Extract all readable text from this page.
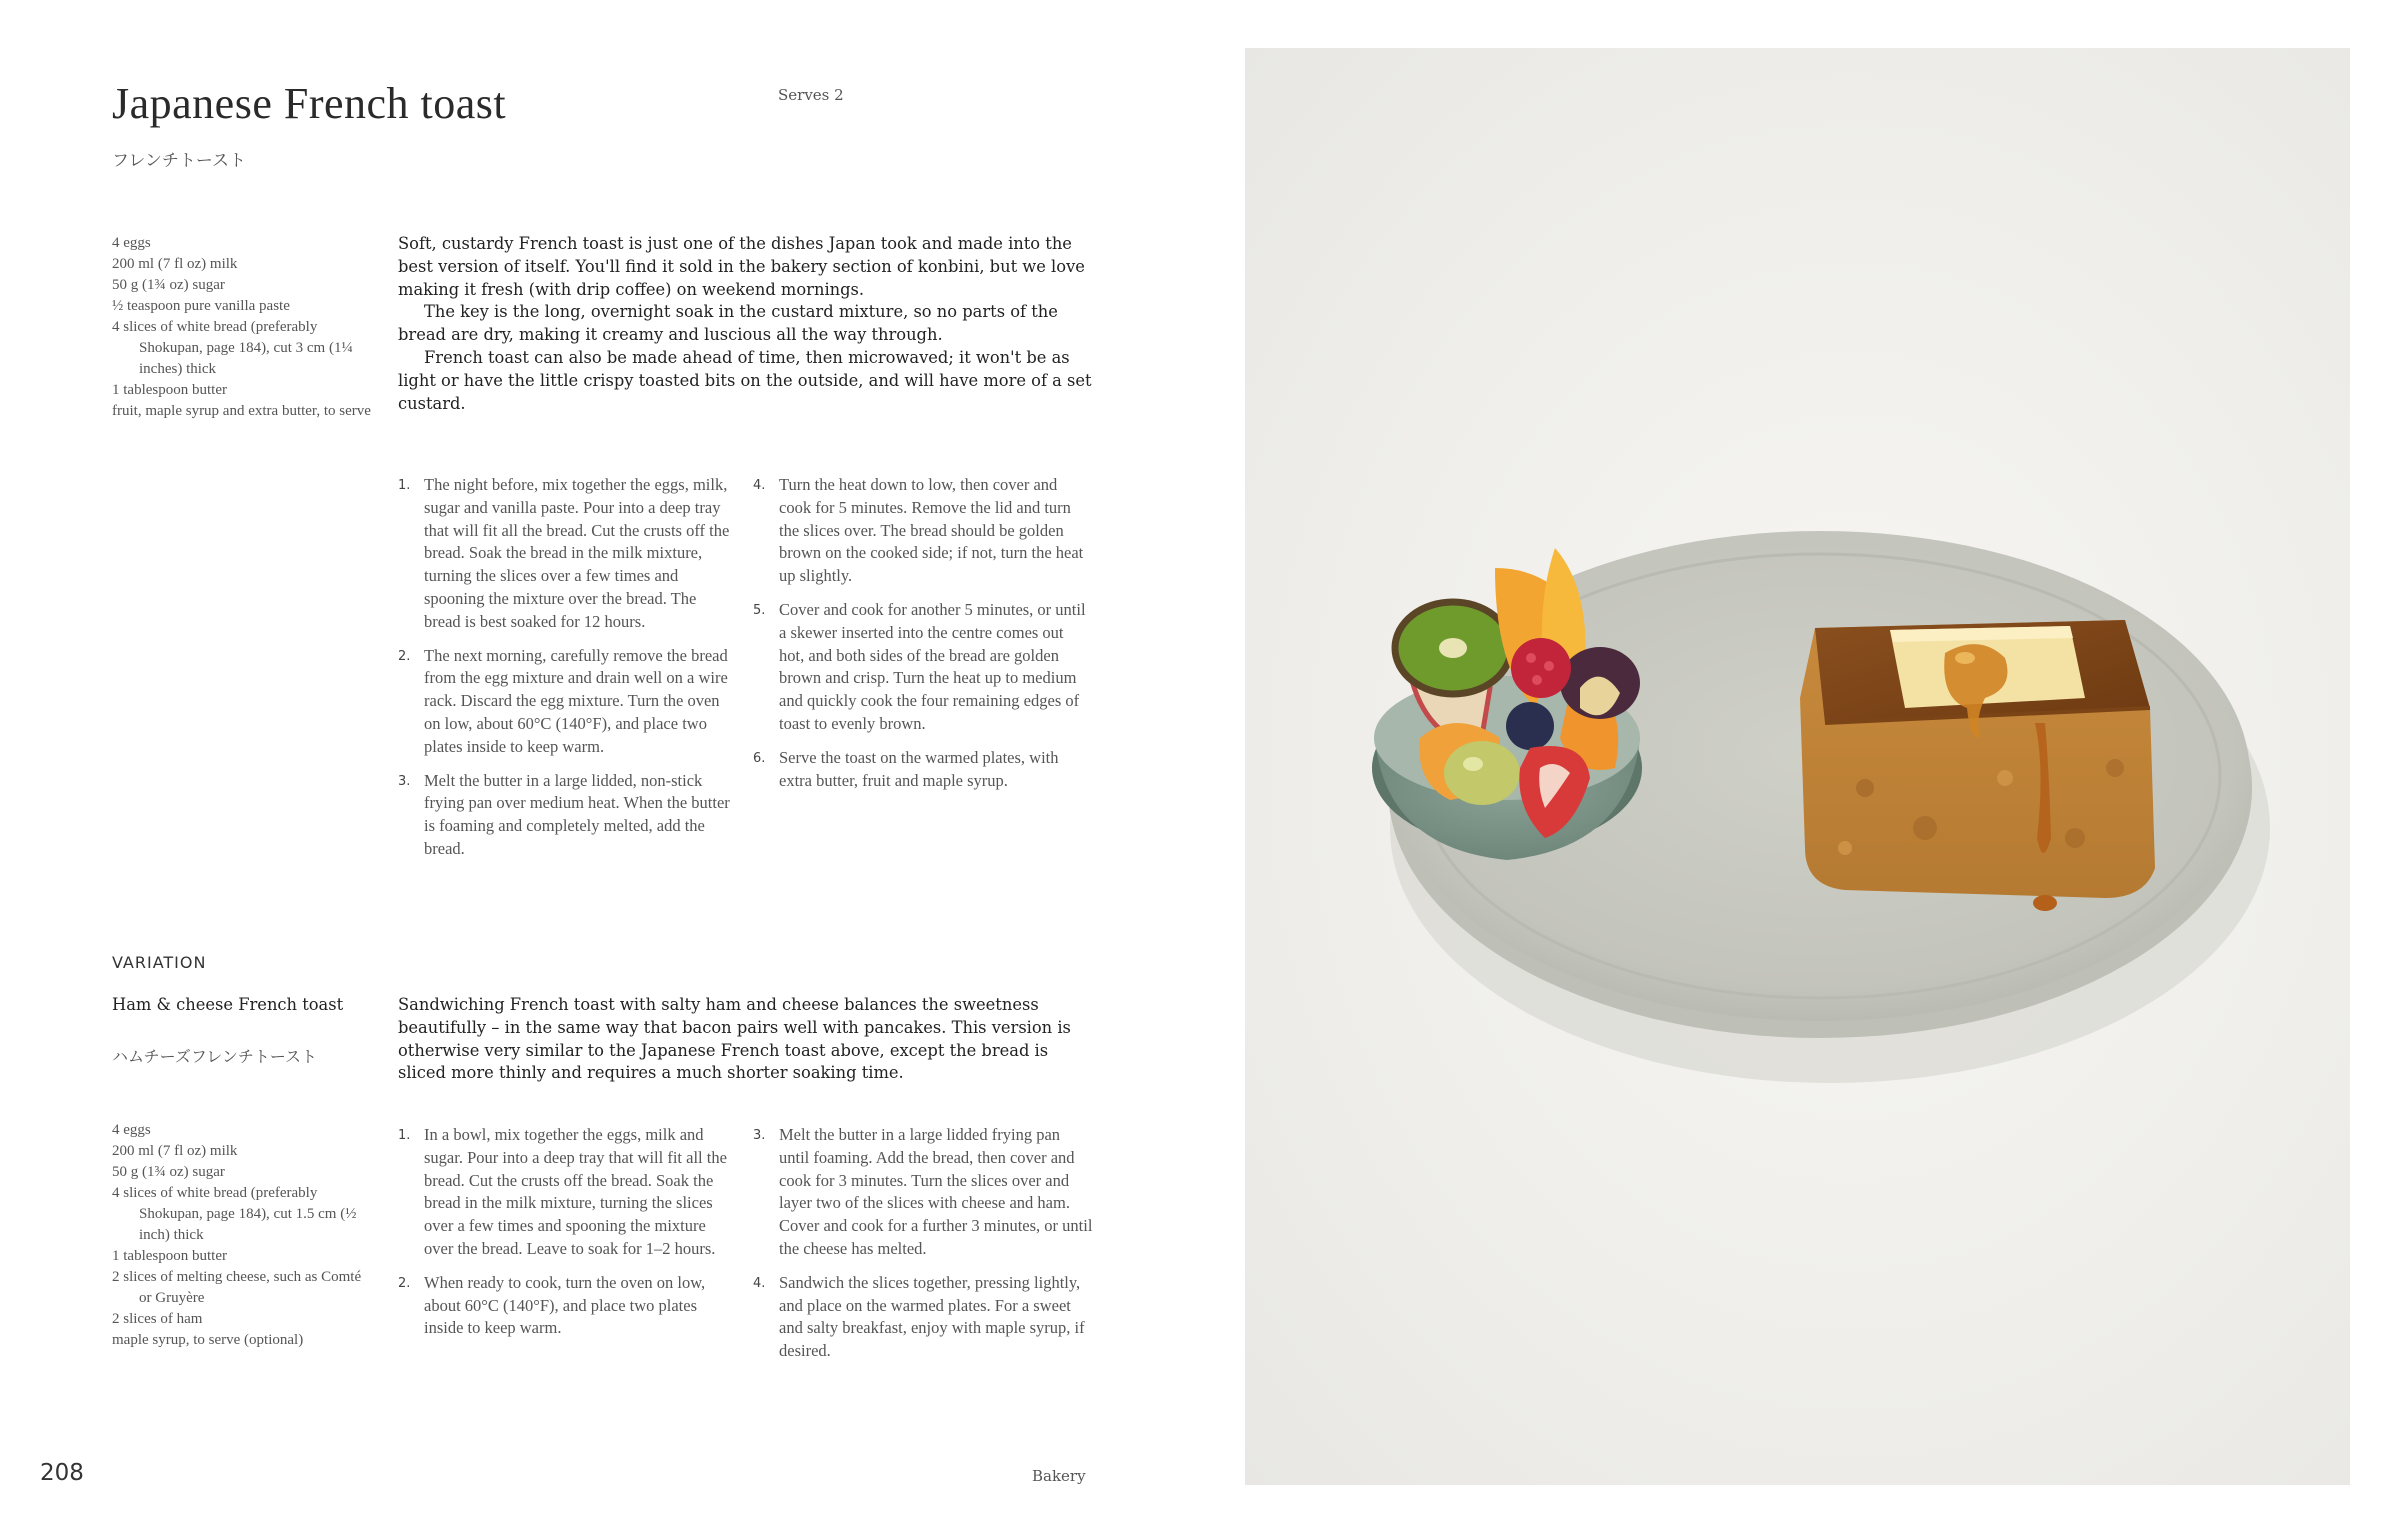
Japanese French toast
フレンチトースト
Serves 2
4 eggs
200 ml (7 fl oz) milk
50 g (1¾ oz) sugar
½ teaspoon pure vanilla paste
4 slices of white bread (preferably Shokupan, page 184), cut 3 cm (1¼ inches) thick
1 tablespoon butter
fruit, maple syrup and extra butter, to serve

Soft, custardy French toast is just one of the dishes Japan took and made into the best version of itself. You'll find it sold in the bakery section of konbini, but we love making it fresh (with drip coffee) on weekend mornings.

The key is the long, overnight soak in the custard mixture, so no parts of the bread are dry, making it creamy and luscious all the way through.

French toast can also be made ahead of time, then microwaved; it won't be as light or have the little crispy toasted bits on the outside, and will have more of a set custard.

1. The night before, mix together the eggs, milk, sugar and vanilla paste. Pour into a deep tray that will fit all the bread. Cut the crusts off the bread. Soak the bread in the milk mixture, turning the slices over a few times and spooning the mixture over the bread. The bread is best soaked for 12 hours.
2. The next morning, carefully remove the bread from the egg mixture and drain well on a wire rack. Discard the egg mixture. Turn the oven on low, about 60°C (140°F), and place two plates inside to keep warm.
3. Melt the butter in a large lidded, non-stick frying pan over medium heat. When the butter is foaming and completely melted, add the bread.
4. Turn the heat down to low, then cover and cook for 5 minutes. Remove the lid and turn the slices over. The bread should be golden brown on the cooked side; if not, turn the heat up slightly.
5. Cover and cook for another 5 minutes, or until a skewer inserted into the centre comes out hot, and both sides of the bread are golden brown and crisp. Turn the heat up to medium and quickly cook the four remaining edges of toast to evenly brown.
6. Serve the toast on the warmed plates, with extra butter, fruit and maple syrup.
VARIATION
Ham & cheese French toast
ハムチーズフレンチトースト

Sandwiching French toast with salty ham and cheese balances the sweetness beautifully – in the same way that bacon pairs well with pancakes. This version is otherwise very similar to the Japanese French toast above, except the bread is sliced more thinly and requires a much shorter soaking time.

4 eggs
200 ml (7 fl oz) milk
50 g (1¾ oz) sugar
4 slices of white bread (preferably Shokupan, page 184), cut 1.5 cm (½ inch) thick
1 tablespoon butter
2 slices of melting cheese, such as Comté or Gruyère
2 slices of ham
maple syrup, to serve (optional)
1. In a bowl, mix together the eggs, milk and sugar. Pour into a deep tray that will fit all the bread. Cut the crusts off the bread. Soak the bread in the milk mixture, turning the slices over a few times and spooning the mixture over the bread. Leave to soak for 1–2 hours.
2. When ready to cook, turn the oven on low, about 60°C (140°F), and place two plates inside to keep warm.
3. Melt the butter in a large lidded frying pan until foaming. Add the bread, then cover and cook for 3 minutes. Turn the slices over and layer two of the slices with cheese and ham. Cover and cook for a further 3 minutes, or until the cheese has melted.
4. Sandwich the slices together, pressing lightly, and place on the warmed plates. For a sweet and salty breakfast, enjoy with maple syrup, if desired.
208	Bakery
